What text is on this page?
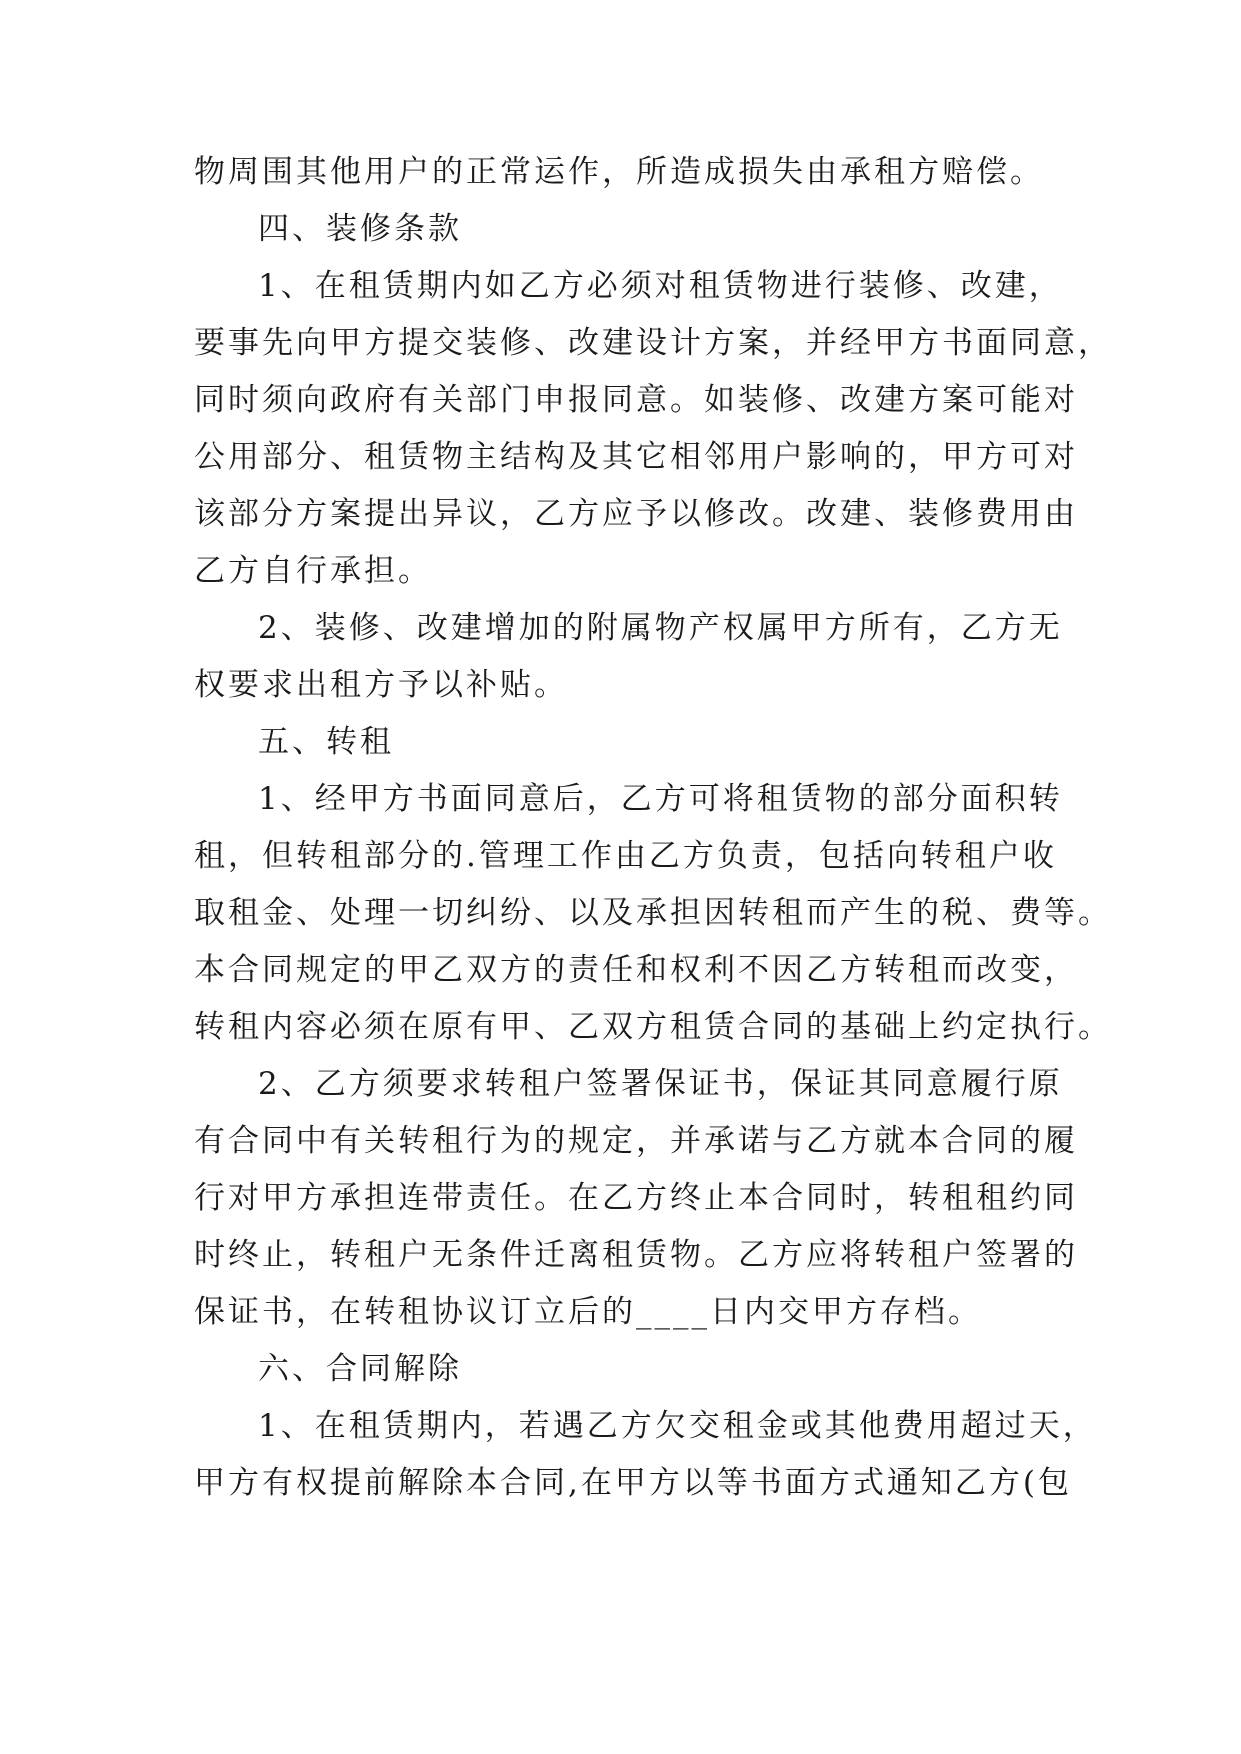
物周围其他用户的正常运作，所造成损失由承租方赔偿。
四、装修条款
1、在租赁期内如乙方必须对租赁物进行装修、改建，
要事先向甲方提交装修、改建设计方案，并经甲方书面同意，
同时须向政府有关部门申报同意。如装修、改建方案可能对
公用部分、租赁物主结构及其它相邻用户影响的，甲方可对
该部分方案提出异议，乙方应予以修改。改建、装修费用由
乙方自行承担。
2、装修、改建增加的附属物产权属甲方所有，乙方无
权要求出租方予以补贴。
五、转租
1、经甲方书面同意后，乙方可将租赁物的部分面积转
租，但转租部分的.管理工作由乙方负责，包括向转租户收
取租金、处理一切纠纷、以及承担因转租而产生的税、费等。
本合同规定的甲乙双方的责任和权利不因乙方转租而改变，
转租内容必须在原有甲、乙双方租赁合同的基础上约定执行。
2、乙方须要求转租户签署保证书，保证其同意履行原
有合同中有关转租行为的规定，并承诺与乙方就本合同的履
行对甲方承担连带责任。在乙方终止本合同时，转租租约同
时终止，转租户无条件迁离租赁物。乙方应将转租户签署的
保证书，在转租协议订立后的____日内交甲方存档。
六、合同解除
1、在租赁期内，若遇乙方欠交租金或其他费用超过天，
甲方有权提前解除本合同,在甲方以等书面方式通知乙方(包
